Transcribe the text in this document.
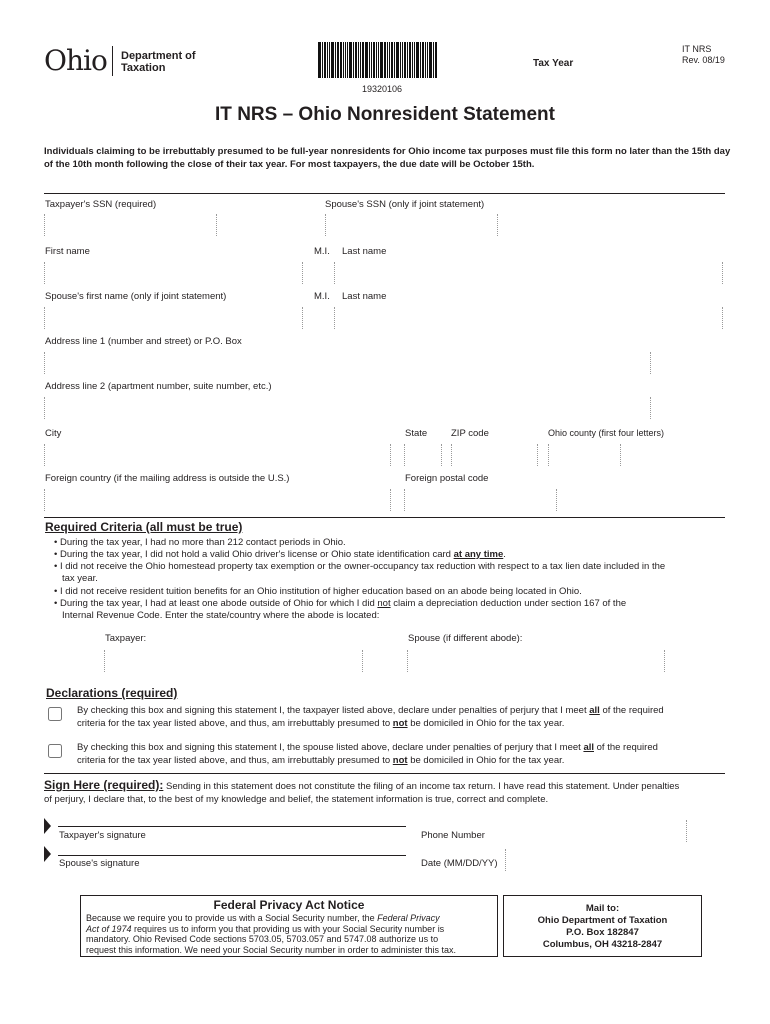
Ohio Department of
Taxation
19320106
Tax Year
IT NRS
Rev. 08/19
IT NRS – Ohio Nonresident Statement
Individuals claiming to be irrebuttably presumed to be full-year nonresidents for Ohio income tax purposes must file this form no later than the 15th day of the 10th month following the close of their tax year. For most taxpayers, the due date will be October 15th.
Taxpayer's SSN (required)	Spouse's SSN (only if joint statement)
First name	M.I. Last name
Spouse's first name (only if joint statement)	M.I. Last name
Address line 1 (number and street) or P.O. Box
Address line 2 (apartment number, suite number, etc.)
City	State	ZIP code	Ohio county (first four letters)
Foreign country (if the mailing address is outside the U.S.)	Foreign postal code
Required Criteria (all must be true)
• During the tax year, I had no more than 212 contact periods in Ohio.
• During the tax year, I did not hold a valid Ohio driver's license or Ohio state identification card at any time.
• I did not receive the Ohio homestead property tax exemption or the owner-occupancy tax reduction with respect to a tax lien date included in the
tax year.
• I did not receive resident tuition benefits for an Ohio institution of higher education based on an abode being located in Ohio.
• During the tax year, I had at least one abode outside of Ohio for which I did not claim a depreciation deduction under section 167 of the
Internal Revenue Code. Enter the state/country where the abode is located:
Taxpayer:	Spouse (if different abode):
Declarations (required)
By checking this box and signing this statement I, the taxpayer listed above, declare under penalties of perjury that I meet all of the required
criteria for the tax year listed above, and thus, am irrebuttably presumed to not be domiciled in Ohio for the tax year.
By checking this box and signing this statement I, the spouse listed above, declare under penalties of perjury that I meet all of the required
criteria for the tax year listed above, and thus, am irrebuttably presumed to not be domiciled in Ohio for the tax year.
Sign Here (required): Sending in this statement does not constitute the filing of an income tax return. I have read this statement. Under penalties
of perjury, I declare that, to the best of my knowledge and belief, the statement information is true, correct and complete.
Taxpayer's signature	Phone Number
Spouse's signature	Date (MM/DD/YY)
Federal Privacy Act Notice
Because we require you to provide us with a Social Security number, the Federal Privacy
Act of 1974 requires us to inform you that providing us with your Social Security number is
mandatory. Ohio Revised Code sections 5703.05, 5703.057 and 5747.08 authorize us to
request this information. We need your Social Security number in order to administer this tax.
Mail to:
Ohio Department of Taxation
P.O. Box 182847
Columbus, OH 43218-2847
